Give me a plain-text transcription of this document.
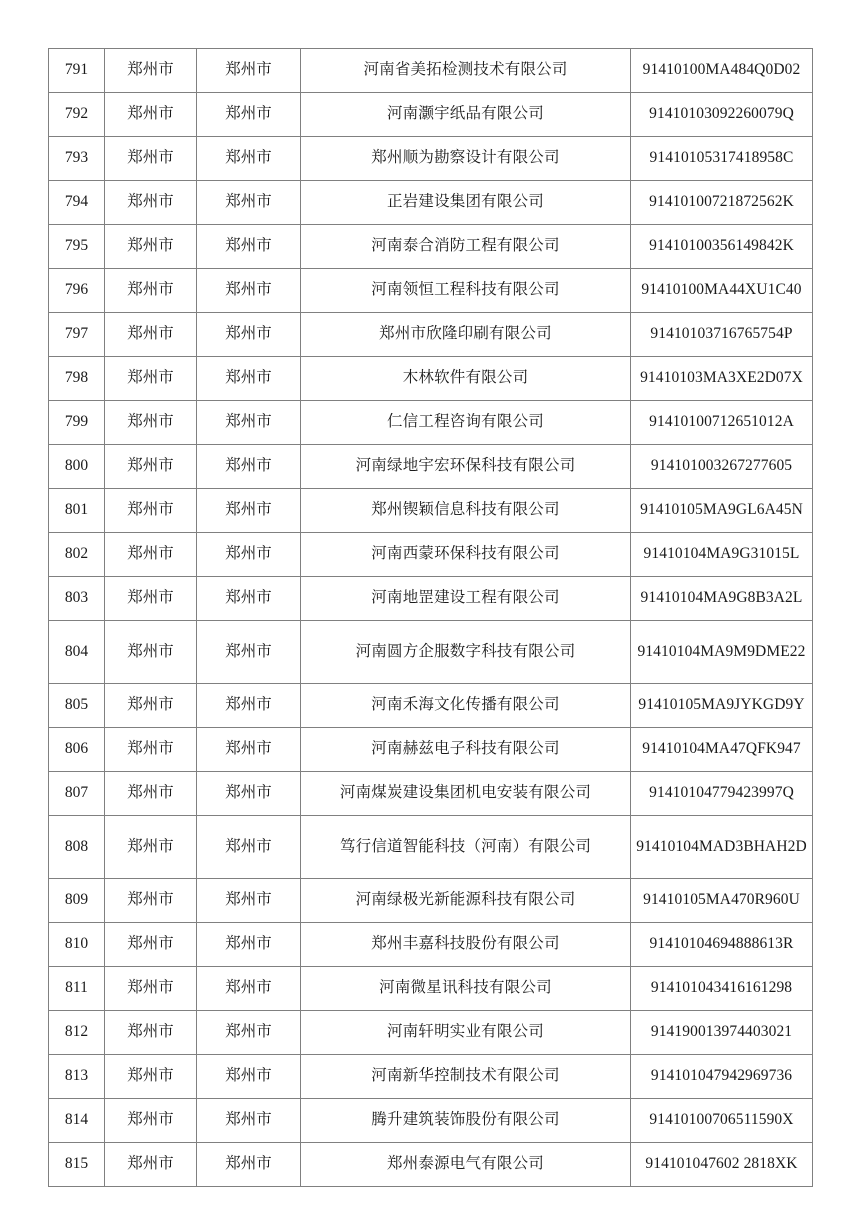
791	郑州市	郑州市	河南省美拓检测技术有限公司	91410100MA484Q0D02
792	郑州市	郑州市	河南灏宇纸品有限公司	91410103092260079Q
793	郑州市	郑州市	郑州顺为勘察设计有限公司	91410105317418958C
794	郑州市	郑州市	正岩建设集团有限公司	91410100721872562K
795	郑州市	郑州市	河南泰合消防工程有限公司	91410100356149842K
796	郑州市	郑州市	河南领恒工程科技有限公司	91410100MA44XU1C40
797	郑州市	郑州市	郑州市欣隆印刷有限公司	91410103716765754P
798	郑州市	郑州市	木林软件有限公司	91410103MA3XE2D07X
799	郑州市	郑州市	仁信工程咨询有限公司	91410100712651012A
800	郑州市	郑州市	河南绿地宇宏环保科技有限公司	914101003267277605
801	郑州市	郑州市	郑州锲颖信息科技有限公司	91410105MA9GL6A45N
802	郑州市	郑州市	河南西蒙环保科技有限公司	91410104MA9G31015L
803	郑州市	郑州市	河南地罡建设工程有限公司	91410104MA9G8B3A2L
804	郑州市	郑州市	河南圆方企服数字科技有限公司	91410104MA9M9DME22
805	郑州市	郑州市	河南禾海文化传播有限公司	91410105MA9JYKGD9Y
806	郑州市	郑州市	河南赫兹电子科技有限公司	91410104MA47QFK947
807	郑州市	郑州市	河南煤炭建设集团机电安装有限公司	91410104779423997Q
808	郑州市	郑州市	笃行信道智能科技（河南）有限公司	91410104MAD3BHAH2D
809	郑州市	郑州市	河南绿极光新能源科技有限公司	91410105MA470R960U
810	郑州市	郑州市	郑州丰嘉科技股份有限公司	91410104694888613R
811	郑州市	郑州市	河南微星讯科技有限公司	914101043416161298
812	郑州市	郑州市	河南轩明实业有限公司	914190013974403021
813	郑州市	郑州市	河南新华控制技术有限公司	914101047942969736
814	郑州市	郑州市	腾升建筑装饰股份有限公司	91410100706511590X
815	郑州市	郑州市	郑州泰源电气有限公司	914101047602 2818XK
